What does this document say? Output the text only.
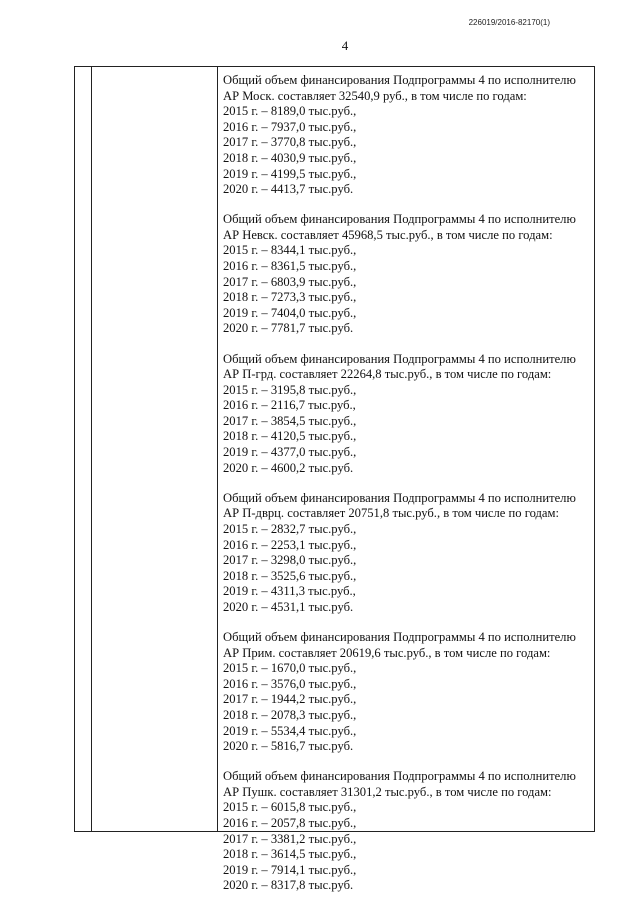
226019/2016-82170(1)
4
Общий объем финансирования Подпрограммы 4 по исполнителю
АР Моск. составляет 32540,9 руб., в том числе по годам:
2015 г. – 8189,0 тыс.руб.,
2016 г. – 7937,0 тыс.руб.,
2017 г. – 3770,8 тыс.руб.,
2018 г. – 4030,9 тыс.руб.,
2019 г. – 4199,5 тыс.руб.,
2020 г. – 4413,7 тыс.руб.
Общий объем финансирования Подпрограммы 4 по исполнителю
АР Невск. составляет 45968,5 тыс.руб., в том числе по годам:
2015 г. – 8344,1 тыс.руб.,
2016 г. – 8361,5 тыс.руб.,
2017 г. – 6803,9 тыс.руб.,
2018 г. – 7273,3 тыс.руб.,
2019 г. – 7404,0 тыс.руб.,
2020 г. – 7781,7 тыс.руб.
Общий объем финансирования Подпрограммы 4 по исполнителю
АР П-грд. составляет 22264,8 тыс.руб., в том числе по годам:
2015 г. – 3195,8 тыс.руб.,
2016 г. – 2116,7 тыс.руб.,
2017 г. – 3854,5 тыс.руб.,
2018 г. – 4120,5 тыс.руб.,
2019 г. – 4377,0 тыс.руб.,
2020 г. – 4600,2 тыс.руб.
Общий объем финансирования Подпрограммы 4 по исполнителю
АР П-дврц. составляет 20751,8 тыс.руб., в том числе по годам:
2015 г. – 2832,7 тыс.руб.,
2016 г. – 2253,1 тыс.руб.,
2017 г. – 3298,0 тыс.руб.,
2018 г. – 3525,6 тыс.руб.,
2019 г. – 4311,3 тыс.руб.,
2020 г. – 4531,1 тыс.руб.
Общий объем финансирования Подпрограммы 4 по исполнителю
АР Прим. составляет 20619,6 тыс.руб., в том числе по годам:
2015 г. – 1670,0 тыс.руб.,
2016 г. – 3576,0 тыс.руб.,
2017 г. – 1944,2 тыс.руб.,
2018 г. – 2078,3 тыс.руб.,
2019 г. – 5534,4 тыс.руб.,
2020 г. – 5816,7 тыс.руб.
Общий объем финансирования Подпрограммы 4 по исполнителю
АР Пушк. составляет 31301,2 тыс.руб., в том числе по годам:
2015 г. – 6015,8 тыс.руб.,
2016 г. – 2057,8 тыс.руб.,
2017 г. – 3381,2 тыс.руб.,
2018 г. – 3614,5 тыс.руб.,
2019 г. – 7914,1 тыс.руб.,
2020 г. – 8317,8 тыс.руб.
